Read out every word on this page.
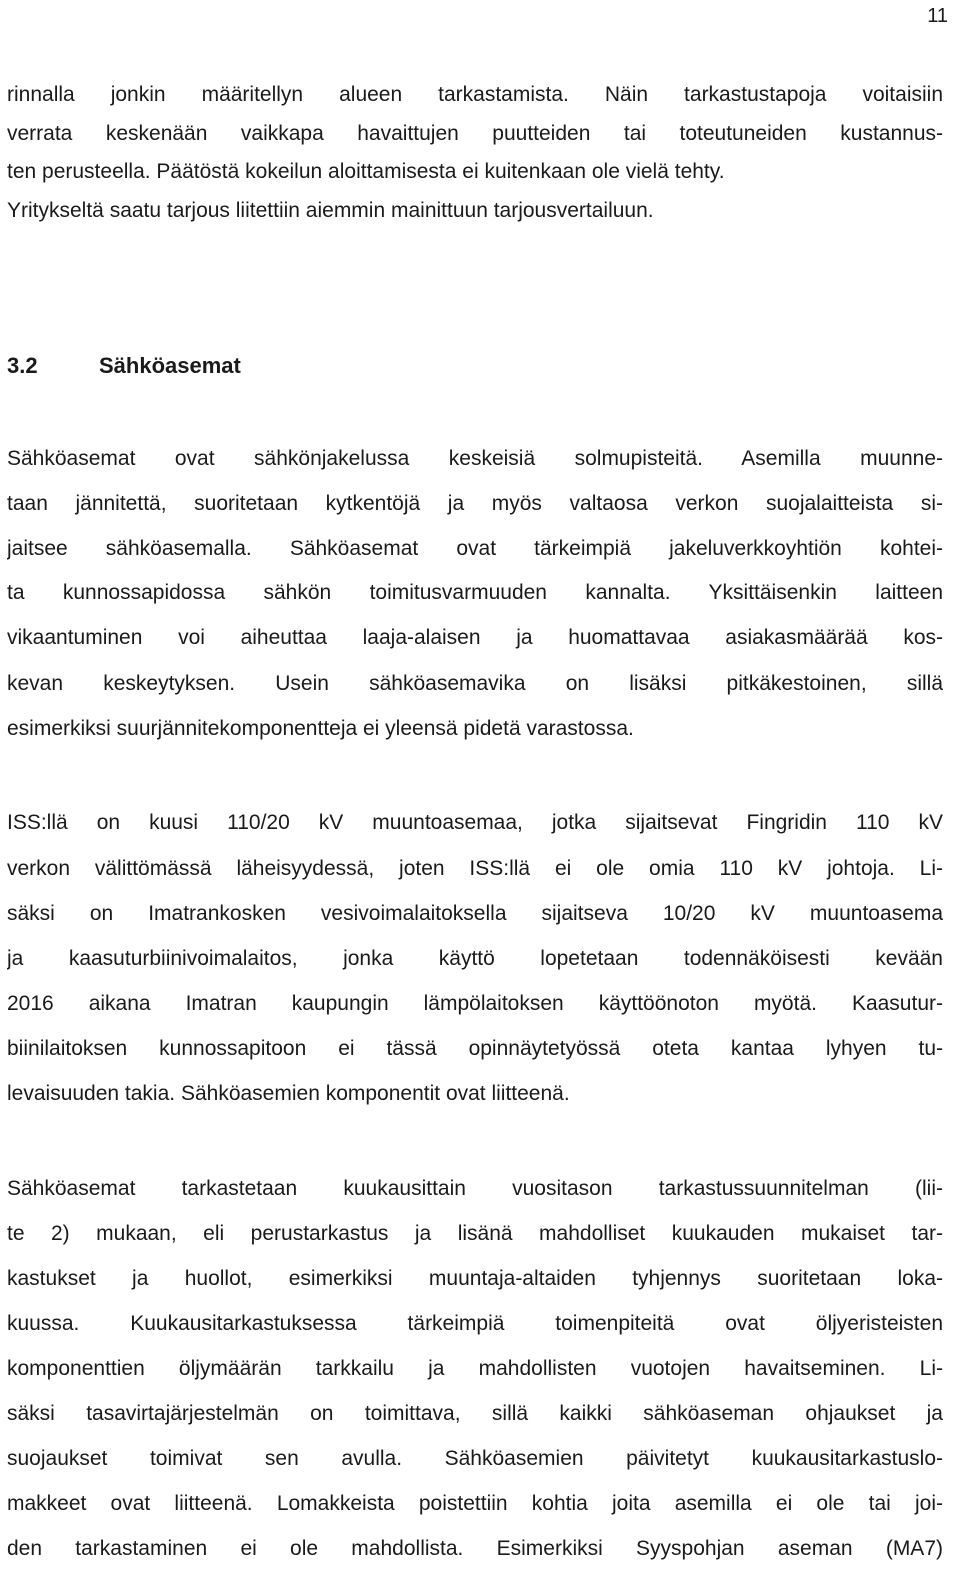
11
rinnalla jonkin määritellyn alueen tarkastamista. Näin tarkastustapoja voitaisiin
verrata keskenään vaikkapa havaittujen puutteiden tai toteutuneiden kustannus-
ten perusteella. Päätöstä kokeilun aloittamisesta ei kuitenkaan ole vielä tehty.
Yritykseltä saatu tarjous liitettiin aiemmin mainittuun tarjousvertailuun.
3.2	Sähköasemat
Sähköasemat ovat sähkönjakelussa keskeisiä solmupisteitä. Asemilla muunne-
taan jännitettä, suoritetaan kytkentöjä ja myös valtaosa verkon suojalaitteista si-
jaitsee sähköasemalla. Sähköasemat ovat tärkeimpiä jakeluverkkoyhtiön kohtei-
ta kunnossapidossa sähkön toimitusvarmuuden kannalta. Yksittäisenkin laitteen
vikaantuminen voi aiheuttaa laaja-alaisen ja huomattavaa asiakasmäärää kos-
kevan keskeytyksen. Usein sähköasemavika on lisäksi pitkäkestoinen, sillä
esimerkiksi suurjännitekomponentteja ei yleensä pidetä varastossa.
ISS:llä on kuusi 110/20 kV muuntoasemaa, jotka sijaitsevat Fingridin 110 kV
verkon välittömässä läheisyydessä, joten ISS:llä ei ole omia 110 kV johtoja. Li-
säksi on Imatrankosken vesivoimalaitoksella sijaitseva 10/20 kV muuntoasema
ja kaasuturbiinivoimalaitos, jonka käyttö lopetetaan todennäköisesti kevään
2016 aikana Imatran kaupungin lämpölaitoksen käyttöönoton myötä. Kaasutur-
biinilaitoksen kunnossapitoon ei tässä opinnäytetyössä oteta kantaa lyhyen tu-
levaisuuden takia. Sähköasemien komponentit ovat liitteenä.
Sähköasemat tarkastetaan kuukausittain vuositason tarkastussuunnitelman (lii-
te 2) mukaan, eli perustarkastus ja lisänä mahdolliset kuukauden mukaiset tar-
kastukset ja huollot, esimerkiksi muuntaja-altaiden tyhjennys suoritetaan loka-
kuussa. Kuukausitarkastuksessa tärkeimpiä toimenpiteitä ovat öljyeristeisten
komponenttien öljymäärän tarkkailu ja mahdollisten vuotojen havaitseminen. Li-
säksi tasavirtajärjestelmän on toimittava, sillä kaikki sähköaseman ohjaukset ja
suojaukset toimivat sen avulla. Sähköasemien päivitetyt kuukausitarkastuslo-
makkeet ovat liitteenä. Lomakkeista poistettiin kohtia joita asemilla ei ole tai joi-
den tarkastaminen ei ole mahdollista. Esimerkiksi Syyspohjan aseman (MA7)
